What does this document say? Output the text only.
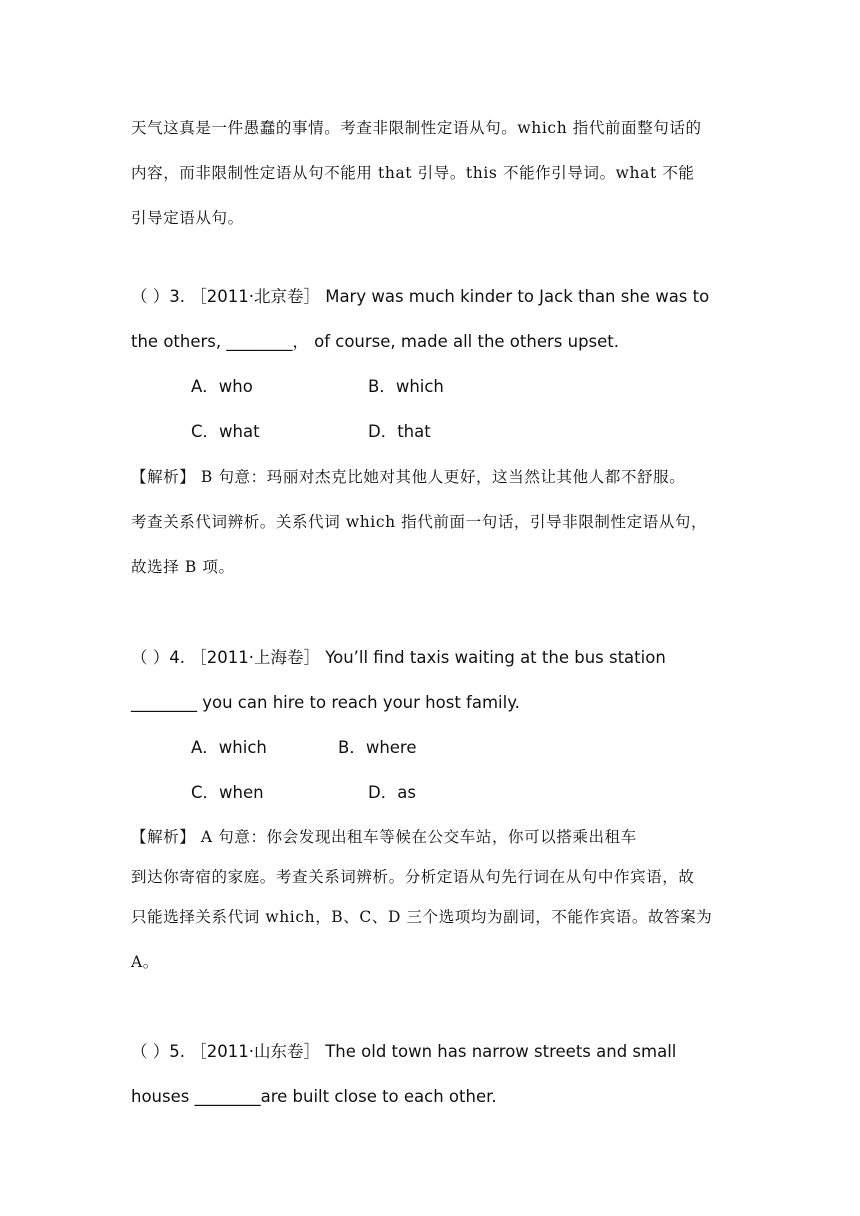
天气这真是一件愚蠢的事情。考查非限制性定语从句。which 指代前面整句话的
内容，而非限制性定语从句不能用 that 引导。this 不能作引导词。what 不能
引导定语从句。
（ ）3. ［2011·北京卷］ Mary was much kinder to Jack than she was to
the others, ________， of course, made all the others upset.
A．who	B．which
C．what	D．that
【解析】 B 句意：玛丽对杰克比她对其他人更好，这当然让其他人都不舒服。
考查关系代词辨析。关系代词 which 指代前面一句话，引导非限制性定语从句，
故选择 B 项。
（ ）4. ［2011·上海卷］ You’ll find taxis waiting at the bus station
________ you can hire to reach your host family.
A．which	B．where
C．when	D．as
【解析】 A 句意：你会发现出租车等候在公交车站，你可以搭乘出租车
到达你寄宿的家庭。考查关系词辨析。分析定语从句先行词在从句中作宾语，故
只能选择关系代词 which，B、C、D 三个选项均为副词，不能作宾语。故答案为
A。
（ ）5. ［2011·山东卷］ The old town has narrow streets and small
houses ________are built close to each other.
